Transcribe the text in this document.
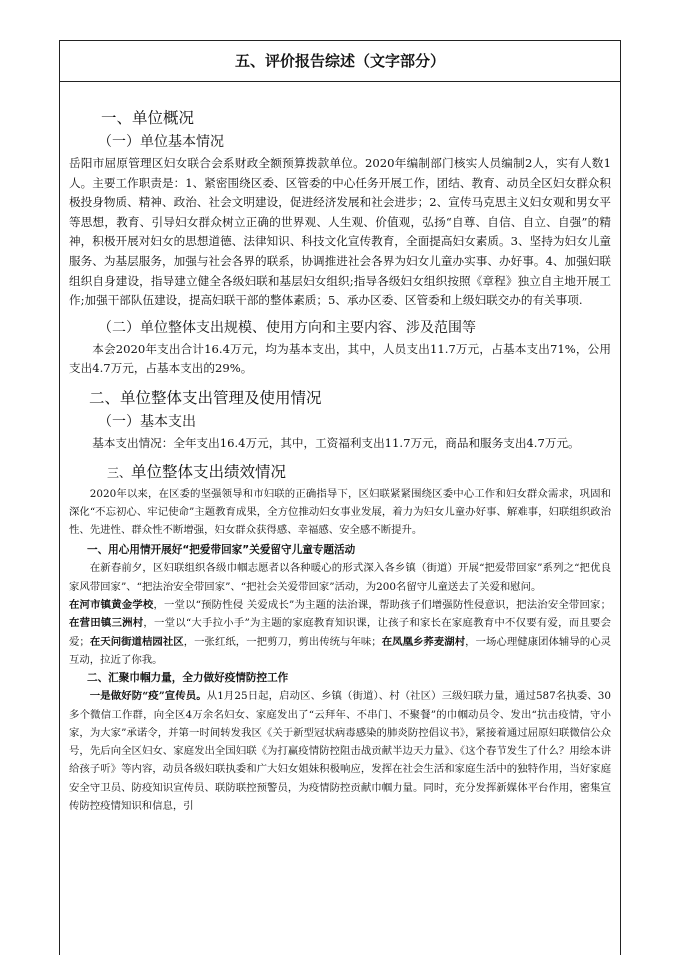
五、评价报告综述（文字部分）

一、单位概况

（一）单位基本情况

岳阳市屈原管理区妇女联合会系财政全额预算拨款单位。2020年编制部门核实人员编制2人，实有人数1人。主要工作职责是：1、紧密围绕区委、区管委的中心任务开展工作，团结、教育、动员全区妇女群众积极投身物质、精神、政治、社会文明建设，促进经济发展和社会进步；2、宣传马克思主义妇女观和男女平等思想，教育、引导妇女群众树立正确的世界观、人生观、价值观，弘扬“自尊、自信、自立、自强”的精神，积极开展对妇女的思想道德、法律知识、科技文化宣传教育，全面提高妇女素质。3、坚持为妇女儿童服务、为基层服务，加强与社会各界的联系，协调推进社会各界为妇女儿童办实事、办好事。4、加强妇联组织自身建设，指导建立健全各级妇联和基层妇女组织;指导各级妇女组织按照《章程》独立自主地开展工作;加强干部队伍建设，提高妇联干部的整体素质；5、承办区委、区管委和上级妇联交办的有关事项.

（二）单位整体支出规模、使用方向和主要内容、涉及范围等

本会2020年支出合计16.4万元，均为基本支出，其中，人员支出11.7万元，占基本支出71%，公用支出4.7万元，占基本支出的29%。

二、单位整体支出管理及使用情况

（一）基本支出

基本支出情况：全年支出16.4万元，其中，工资福利支出11.7万元，商品和服务支出4.7万元。

三、单位整体支出绩效情况

2020年以来，在区委的坚强领导和市妇联的正确指导下，区妇联紧紧围绕区委中心工作和妇女群众需求，巩固和深化“不忘初心、牢记使命”主题教育成果，全方位推动妇女事业发展，着力为妇女儿童办好事、解难事，妇联组织政治性、先进性、群众性不断增强，妇女群众获得感、幸福感、安全感不断提升。

一、用心用情开展好“把爱带回家”关爱留守儿童专题活动

在新春前夕，区妇联组织各级巾帼志愿者以各种暖心的形式深入各乡镇（街道）开展“把爱带回家”系列之“把优良家风带回家”、“把法治安全带回家”、“把社会关爱带回家”活动，为200名留守儿童送去了关爱和慰问。

在河市镇黄金学校，一堂以“预防性侵 关爱成长”为主题的法治课，帮助孩子们增强防性侵意识，把法治安全带回家；在营田镇三洲村，一堂以“大手拉小手”为主题的家庭教育知识课，让孩子和家长在家庭教育中不仅要有爱，而且要会爱；在天问街道桔园社区，一张红纸，一把剪刀，剪出传统与年味；在凤凰乡荞麦湖村，一场心理健康团体辅导的心灵互动，拉近了你我。

二、汇聚巾帼力量，全力做好疫情防控工作

一是做好防“疫”宣传员。从1月25日起，启动区、乡镇（街道）、村（社区）三级妇联力量，通过587名执委、30多个微信工作群，向全区4万余名妇女、家庭发出了“云拜年、不串门、不聚餐”的巾帼动员令、发出“抗击疫情，守小家，为大家”承诺令，并第一时间转发我区《关于新型冠状病毒感染的肺炎防控倡议书》，紧接着通过屈原妇联微信公众号，先后向全区妇女、家庭发出全国妇联《为打赢疫情防控阻击战贡献半边天力量》、《这个春节发生了什么？用绘本讲给孩子听》等内容，动员各级妇联执委和广大妇女姐妹积极响应，发挥在社会生活和家庭生活中的独特作用，当好家庭安全守卫员、防疫知识宣传员、联防联控预警员，为疫情防控贡献巾帼力量。同时，充分发挥新媒体平台作用，密集宣传防控疫情知识和信息，引
